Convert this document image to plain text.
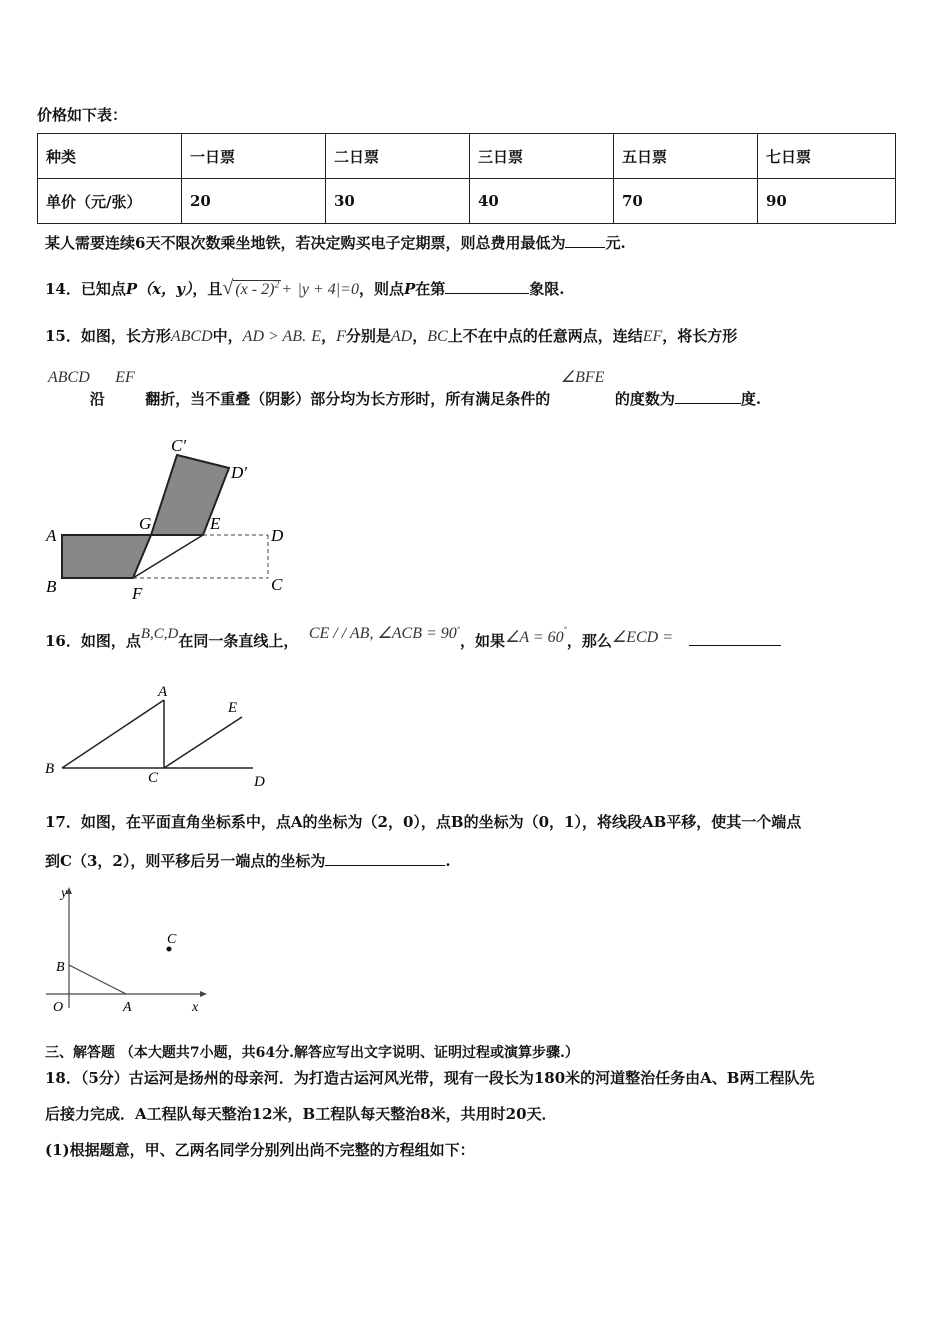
价格如下表：
种类	一日票	二日票	三日票	五日票	七日票
单价（元/张）	20	30	40	70	90
某人需要连续6天不限次数乘坐地铁，若决定购买电子定期票，则总费用最低为	元.
14．已知点P（x，y），且√ (x - 2)$^2$ + |y + 4|=0，则点P在第	象限.
15．如图，长方形ABCD中，AD > AB. E，F分别是AD，BC上不在中点的任意两点，连结EF，将长方形
ABCD沿  EF  翻折，当不重叠（阴影）部分均为长方形时，所有满足条件的  ∠BFE  的度数为	度.
A
B	F
G	E
D
C
C′
D′
16．如图，点B,C,D在同一条直线上， CE / / AB, ∠ACB = 90°，如果∠A = 60°，那么∠ECD =
A
E
B
C	D
17．如图，在平面直角坐标系中，点A的坐标为（2，0），点B的坐标为（0，1），将线段AB平移，使其一个端点
到C（3，2），则平移后另一端点的坐标为	.
y
x
O	A
B
C
三、解答题 （本大题共7小题，共64分.解答应写出文字说明、证明过程或演算步骤.）
18．（5分）古运河是扬州的母亲河．为打造古运河风光带，现有一段长为180米的河道整治任务由A、B两工程队先
后接力完成．A工程队每天整治12米，B工程队每天整治8米，共用时20天．
(1)根据题意，甲、乙两名同学分别列出尚不完整的方程组如下：
